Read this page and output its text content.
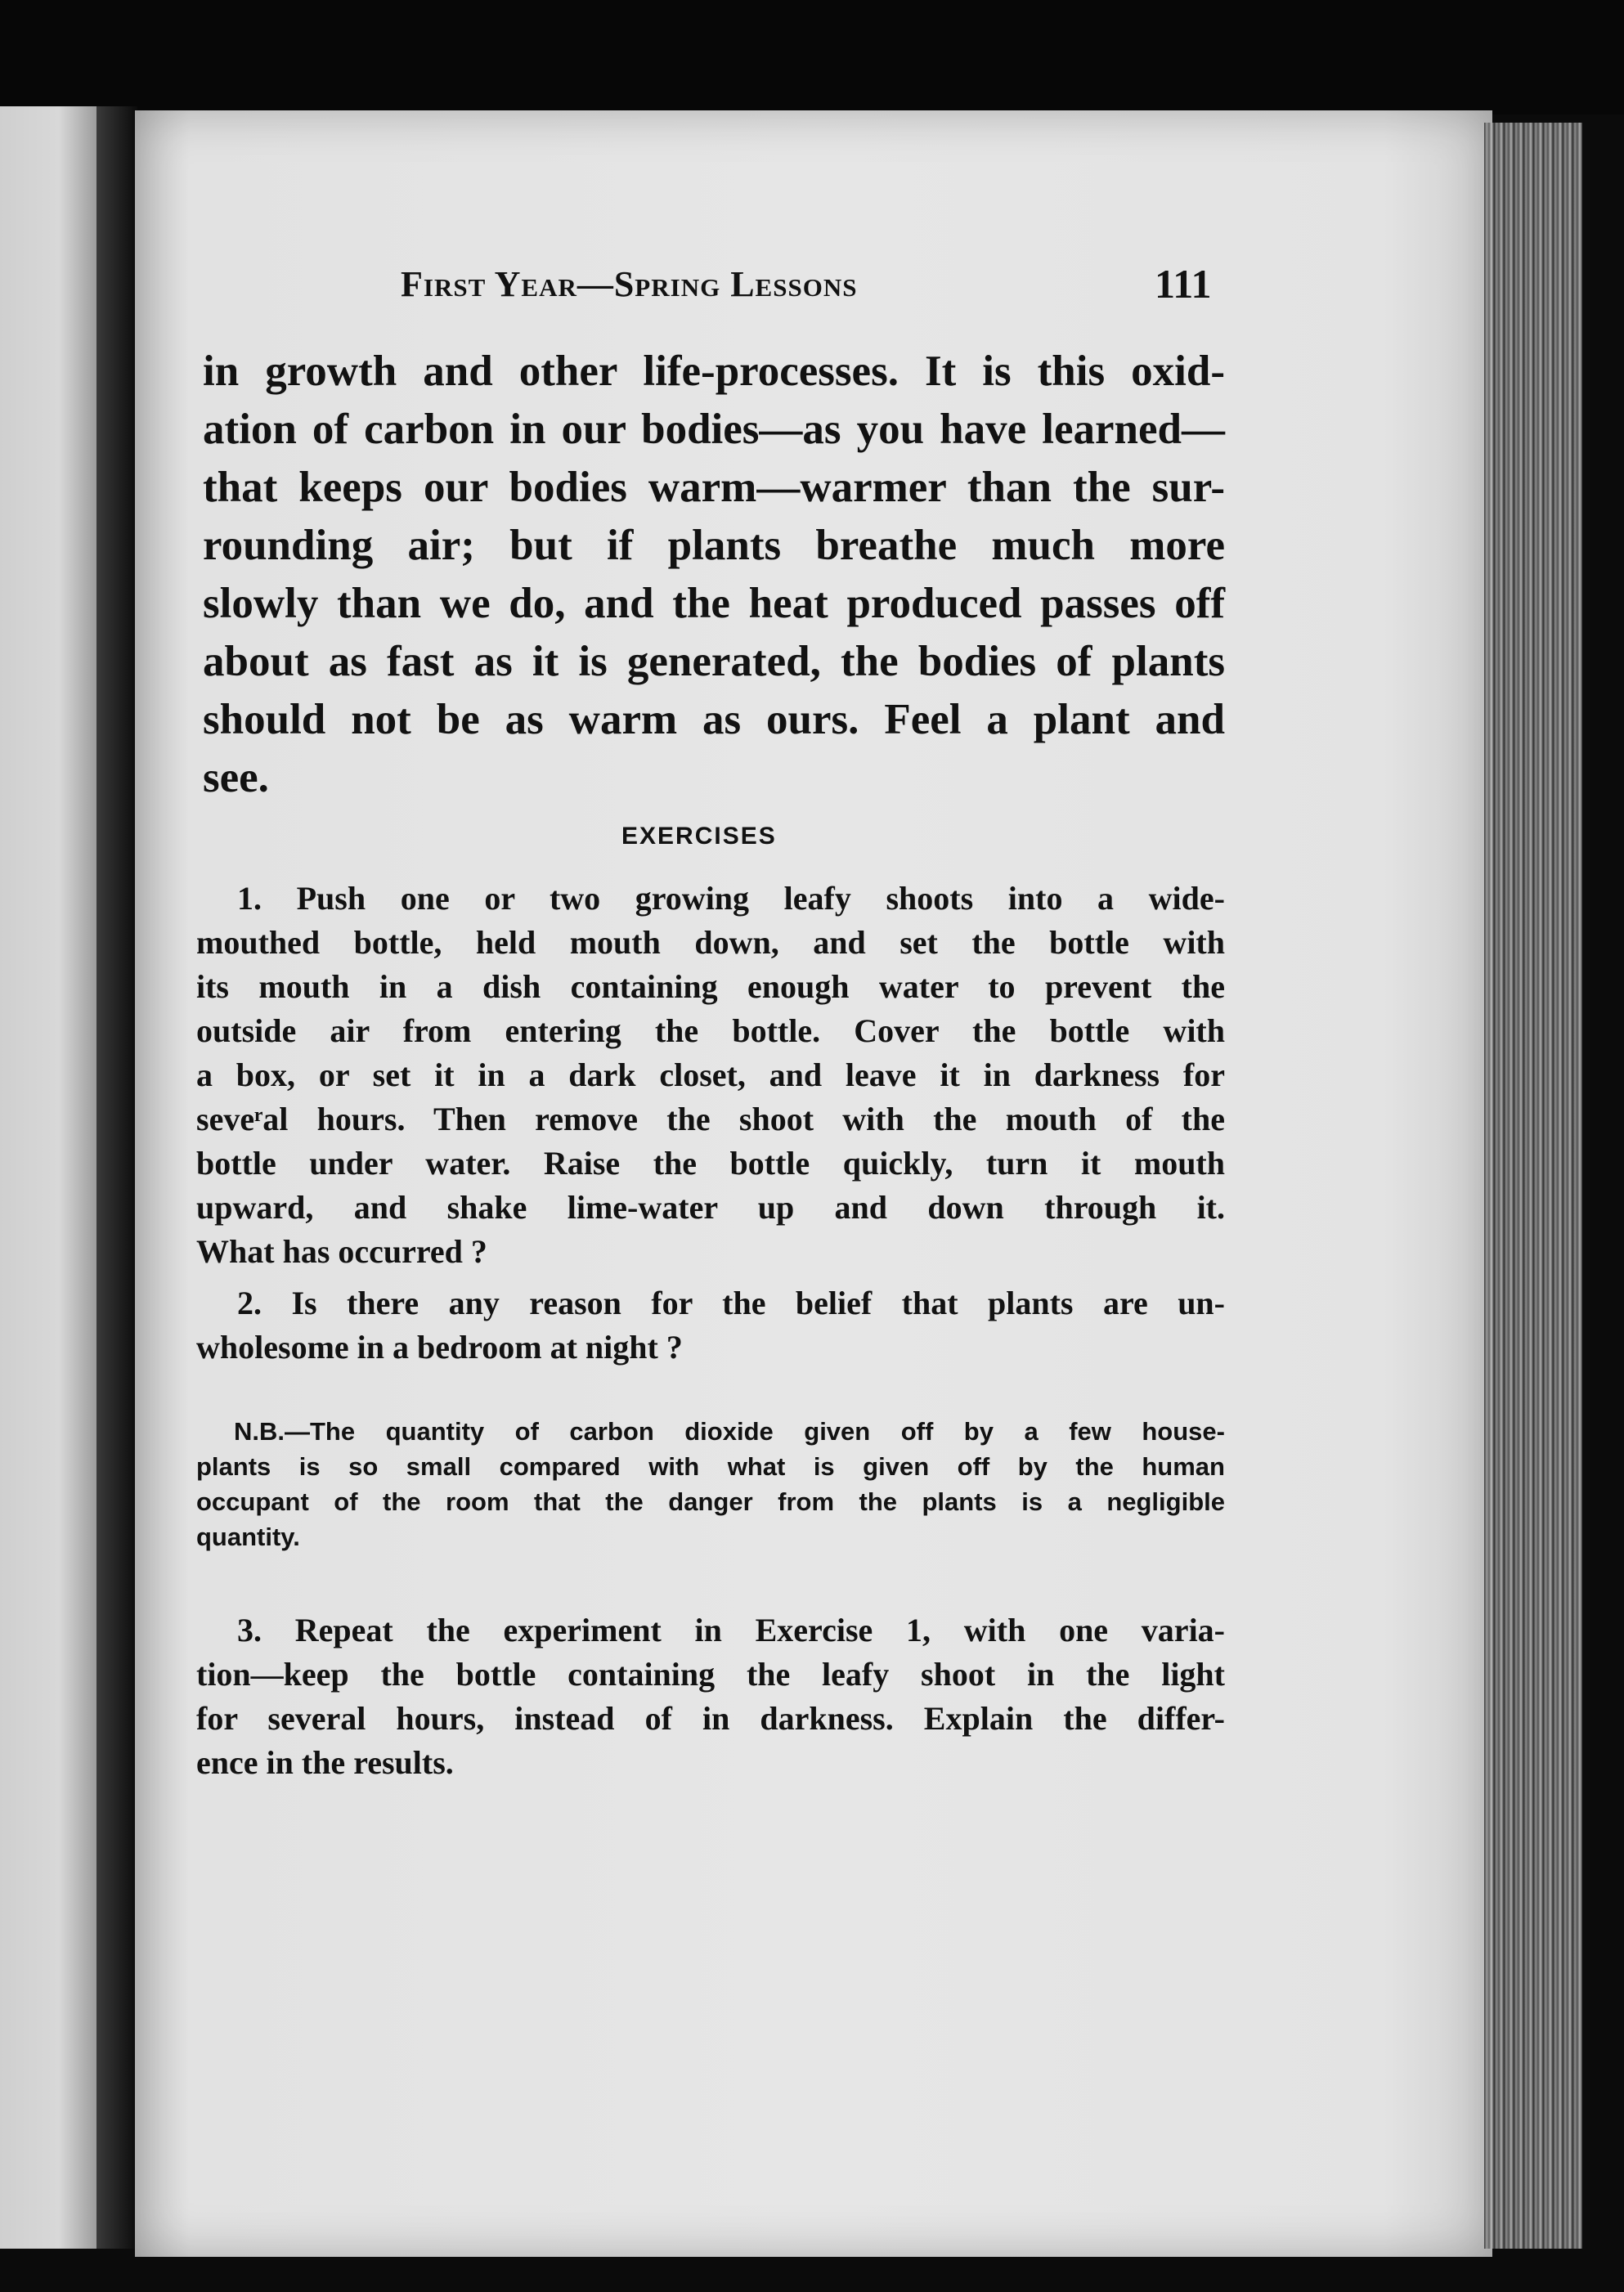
First Year—Spring Lessons	111
in growth and other life-processes. It is this oxid-
ation of carbon in our bodies—as you have learned—
that keeps our bodies warm—warmer than the sur-
rounding air; but if plants breathe much more
slowly than we do, and the heat produced passes off
about as fast as it is generated, the bodies of plants
should not be as warm as ours. Feel a plant and
see.
EXERCISES
1. Push one or two growing leafy shoots into a wide-
mouthed bottle, held mouth down, and set the bottle with
its mouth in a dish containing enough water to prevent the
outside air from entering the bottle. Cover the bottle with
a box, or set it in a dark closet, and leave it in darkness for
seveʳal hours. Then remove the shoot with the mouth of the
bottle under water. Raise the bottle quickly, turn it mouth
upward, and shake lime-water up and down through it.
What has occurred ?
2. Is there any reason for the belief that plants are un-
wholesome in a bedroom at night ?
N.B.—The quantity of carbon dioxide given off by a few house-
plants is so small compared with what is given off by the human
occupant of the room that the danger from the plants is a negligible
quantity.
3. Repeat the experiment in Exercise 1, with one varia-
tion—keep the bottle containing the leafy shoot in the light
for several hours, instead of in darkness. Explain the differ-
ence in the results.
